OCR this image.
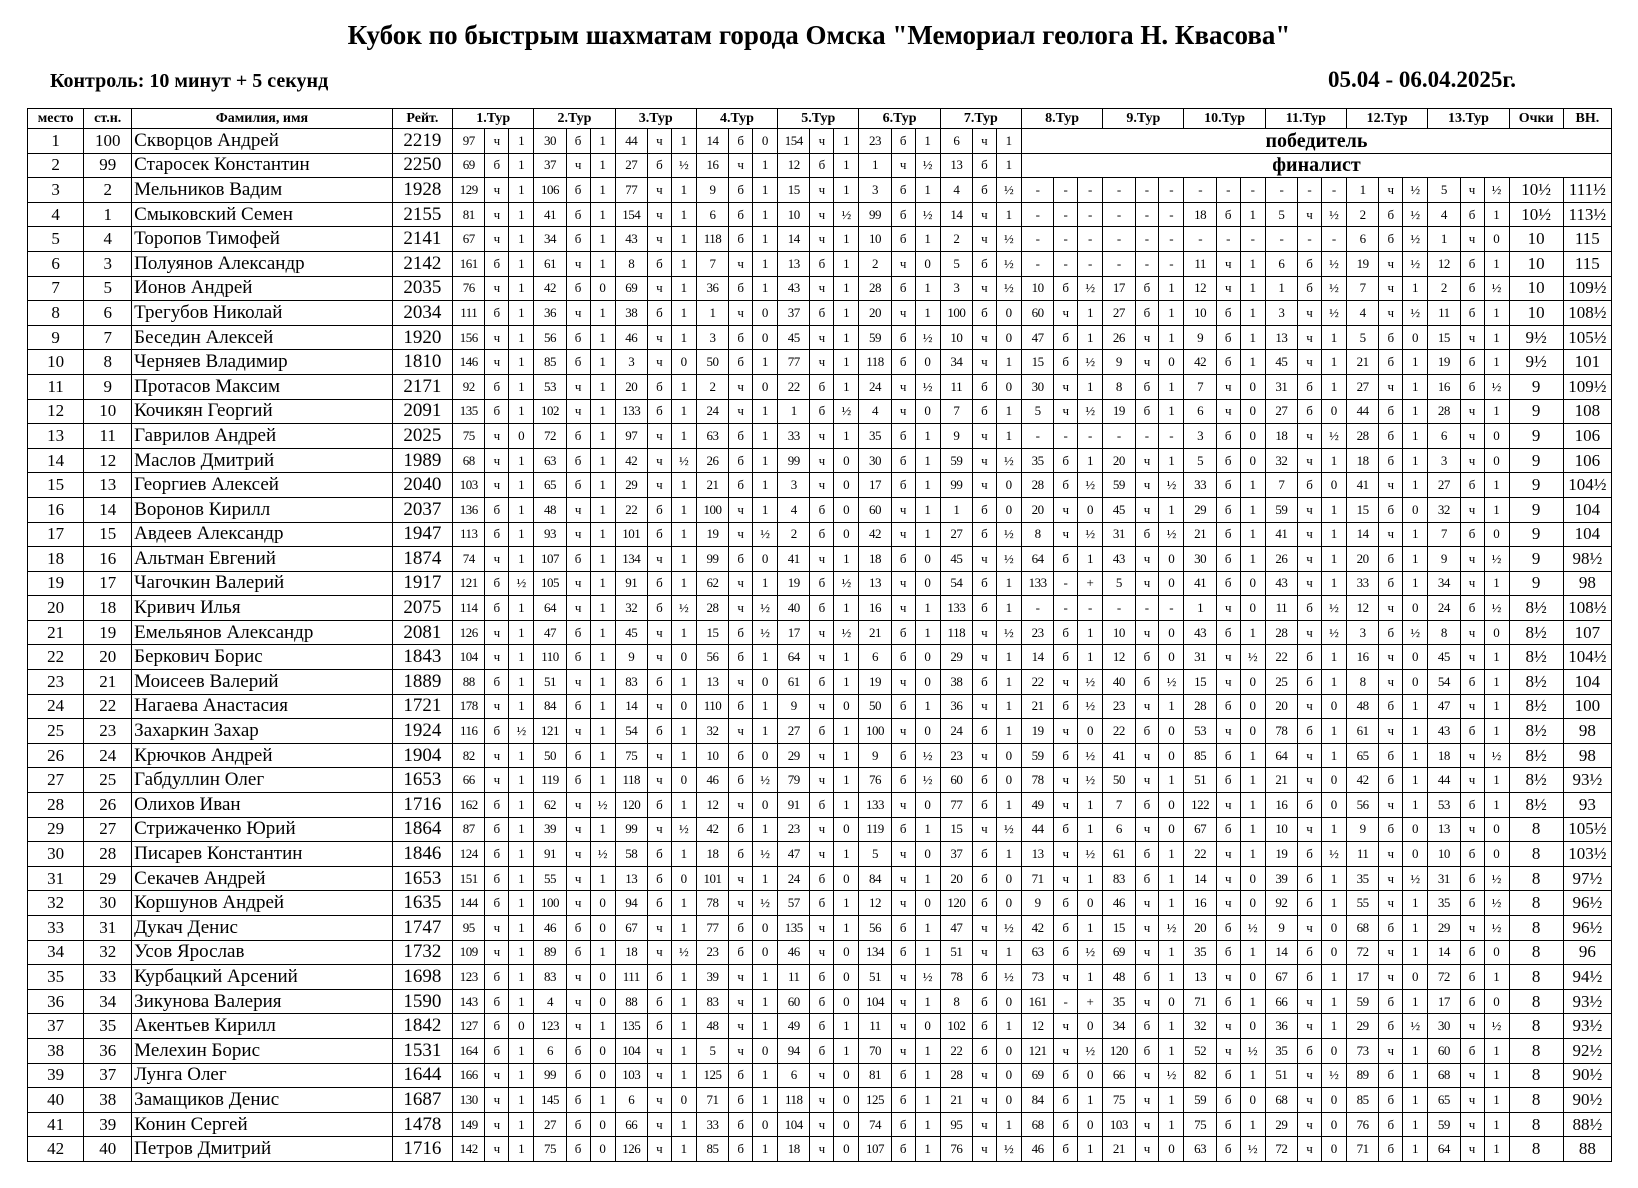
Кубок по быстрым шахматам города Омска "Мемориал геолога Н. Квасова"
Контроль: 10 минут + 5 секунд	05.04 - 06.04.2025г.
место	ст.н.	Фамилия, имя	Рейт.	1.Тур			2.Тур			3.Тур			4.Тур			5.Тур			6.Тур			7.Тур			8.Тур			9.Тур			10.Тур			11.Тур			12.Тур			13.Тур			Очки	ВН.
1	100	Скворцов Андрей	2219	97	ч	1	30	б	1	44	ч	1	14	б	0	154	ч	1	23	б	1	6	ч	1	победитель																			
2	99	Старосек Константин	2250	69	б	1	37	ч	1	27	б	½	16	ч	1	12	б	1	1	ч	½	13	б	1	финалист																			
3	2	Мельников Вадим	1928	129	ч	1	106	б	1	77	ч	1	9	б	1	15	ч	1	3	б	1	4	б	½	-	-	-	-	-	-	-	-	-	-	-	-	1	ч	½	5	ч	½	10½	111½
4	1	Смыковский Семен	2155	81	ч	1	41	б	1	154	ч	1	6	б	1	10	ч	½	99	б	½	14	ч	1	-	-	-	-	-	-	18	б	1	5	ч	½	2	б	½	4	б	1	10½	113½
5	4	Торопов Тимофей	2141	67	ч	1	34	б	1	43	ч	1	118	б	1	14	ч	1	10	б	1	2	ч	½	-	-	-	-	-	-	-	-	-	-	-	-	6	б	½	1	ч	0	10	115
6	3	Полуянов Александр	2142	161	б	1	61	ч	1	8	б	1	7	ч	1	13	б	1	2	ч	0	5	б	½	-	-	-	-	-	-	11	ч	1	6	б	½	19	ч	½	12	б	1	10	115
7	5	Ионов Андрей	2035	76	ч	1	42	б	0	69	ч	1	36	б	1	43	ч	1	28	б	1	3	ч	½	10	б	½	17	б	1	12	ч	1	1	б	½	7	ч	1	2	б	½	10	109½
8	6	Трегубов Николай	2034	111	б	1	36	ч	1	38	б	1	1	ч	0	37	б	1	20	ч	1	100	б	0	60	ч	1	27	б	1	10	б	1	3	ч	½	4	ч	½	11	б	1	10	108½
9	7	Беседин Алексей	1920	156	ч	1	56	б	1	46	ч	1	3	б	0	45	ч	1	59	б	½	10	ч	0	47	б	1	26	ч	1	9	б	1	13	ч	1	5	б	0	15	ч	1	9½	105½
10	8	Черняев Владимир	1810	146	ч	1	85	б	1	3	ч	0	50	б	1	77	ч	1	118	б	0	34	ч	1	15	б	½	9	ч	0	42	б	1	45	ч	1	21	б	1	19	б	1	9½	101
11	9	Протасов Максим	2171	92	б	1	53	ч	1	20	б	1	2	ч	0	22	б	1	24	ч	½	11	б	0	30	ч	1	8	б	1	7	ч	0	31	б	1	27	ч	1	16	б	½	9	109½
12	10	Кочикян Георгий	2091	135	б	1	102	ч	1	133	б	1	24	ч	1	1	б	½	4	ч	0	7	б	1	5	ч	½	19	б	1	6	ч	0	27	б	0	44	б	1	28	ч	1	9	108
13	11	Гаврилов Андрей	2025	75	ч	0	72	б	1	97	ч	1	63	б	1	33	ч	1	35	б	1	9	ч	1	-	-	-	-	-	-	3	б	0	18	ч	½	28	б	1	6	ч	0	9	106
14	12	Маслов Дмитрий	1989	68	ч	1	63	б	1	42	ч	½	26	б	1	99	ч	0	30	б	1	59	ч	½	35	б	1	20	ч	1	5	б	0	32	ч	1	18	б	1	3	ч	0	9	106
15	13	Георгиев Алексей	2040	103	ч	1	65	б	1	29	ч	1	21	б	1	3	ч	0	17	б	1	99	ч	0	28	б	½	59	ч	½	33	б	1	7	б	0	41	ч	1	27	б	1	9	104½
16	14	Воронов Кирилл	2037	136	б	1	48	ч	1	22	б	1	100	ч	1	4	б	0	60	ч	1	1	б	0	20	ч	0	45	ч	1	29	б	1	59	ч	1	15	б	0	32	ч	1	9	104
17	15	Авдеев Александр	1947	113	б	1	93	ч	1	101	б	1	19	ч	½	2	б	0	42	ч	1	27	б	½	8	ч	½	31	б	½	21	б	1	41	ч	1	14	ч	1	7	б	0	9	104
18	16	Альтман Евгений	1874	74	ч	1	107	б	1	134	ч	1	99	б	0	41	ч	1	18	б	0	45	ч	½	64	б	1	43	ч	0	30	б	1	26	ч	1	20	б	1	9	ч	½	9	98½
19	17	Чагочкин Валерий	1917	121	б	½	105	ч	1	91	б	1	62	ч	1	19	б	½	13	ч	0	54	б	1	133	-	+	5	ч	0	41	б	0	43	ч	1	33	б	1	34	ч	1	9	98
20	18	Кривич Илья	2075	114	б	1	64	ч	1	32	б	½	28	ч	½	40	б	1	16	ч	1	133	б	1	-	-	-	-	-	-	1	ч	0	11	б	½	12	ч	0	24	б	½	8½	108½
21	19	Емельянов Александр	2081	126	ч	1	47	б	1	45	ч	1	15	б	½	17	ч	½	21	б	1	118	ч	½	23	б	1	10	ч	0	43	б	1	28	ч	½	3	б	½	8	ч	0	8½	107
22	20	Беркович Борис	1843	104	ч	1	110	б	1	9	ч	0	56	б	1	64	ч	1	6	б	0	29	ч	1	14	б	1	12	б	0	31	ч	½	22	б	1	16	ч	0	45	ч	1	8½	104½
23	21	Моисеев Валерий	1889	88	б	1	51	ч	1	83	б	1	13	ч	0	61	б	1	19	ч	0	38	б	1	22	ч	½	40	б	½	15	ч	0	25	б	1	8	ч	0	54	б	1	8½	104
24	22	Нагаева Анастасия	1721	178	ч	1	84	б	1	14	ч	0	110	б	1	9	ч	0	50	б	1	36	ч	1	21	б	½	23	ч	1	28	б	0	20	ч	0	48	б	1	47	ч	1	8½	100
25	23	Захаркин Захар	1924	116	б	½	121	ч	1	54	б	1	32	ч	1	27	б	1	100	ч	0	24	б	1	19	ч	0	22	б	0	53	ч	0	78	б	1	61	ч	1	43	б	1	8½	98
26	24	Крючков Андрей	1904	82	ч	1	50	б	1	75	ч	1	10	б	0	29	ч	1	9	б	½	23	ч	0	59	б	½	41	ч	0	85	б	1	64	ч	1	65	б	1	18	ч	½	8½	98
27	25	Габдуллин Олег	1653	66	ч	1	119	б	1	118	ч	0	46	б	½	79	ч	1	76	б	½	60	б	0	78	ч	½	50	ч	1	51	б	1	21	ч	0	42	б	1	44	ч	1	8½	93½
28	26	Олихов Иван	1716	162	б	1	62	ч	½	120	б	1	12	ч	0	91	б	1	133	ч	0	77	б	1	49	ч	1	7	б	0	122	ч	1	16	б	0	56	ч	1	53	б	1	8½	93
29	27	Стрижаченко Юрий	1864	87	б	1	39	ч	1	99	ч	½	42	б	1	23	ч	0	119	б	1	15	ч	½	44	б	1	6	ч	0	67	б	1	10	ч	1	9	б	0	13	ч	0	8	105½
30	28	Писарев Константин	1846	124	б	1	91	ч	½	58	б	1	18	б	½	47	ч	1	5	ч	0	37	б	1	13	ч	½	61	б	1	22	ч	1	19	б	½	11	ч	0	10	б	0	8	103½
31	29	Секачев Андрей	1653	151	б	1	55	ч	1	13	б	0	101	ч	1	24	б	0	84	ч	1	20	б	0	71	ч	1	83	б	1	14	ч	0	39	б	1	35	ч	½	31	б	½	8	97½
32	30	Коршунов Андрей	1635	144	б	1	100	ч	0	94	б	1	78	ч	½	57	б	1	12	ч	0	120	б	0	9	б	0	46	ч	1	16	ч	0	92	б	1	55	ч	1	35	б	½	8	96½
33	31	Дукач Денис	1747	95	ч	1	46	б	0	67	ч	1	77	б	0	135	ч	1	56	б	1	47	ч	½	42	б	1	15	ч	½	20	б	½	9	ч	0	68	б	1	29	ч	½	8	96½
34	32	Усов Ярослав	1732	109	ч	1	89	б	1	18	ч	½	23	б	0	46	ч	0	134	б	1	51	ч	1	63	б	½	69	ч	1	35	б	1	14	б	0	72	ч	1	14	б	0	8	96
35	33	Курбацкий Арсений	1698	123	б	1	83	ч	0	111	б	1	39	ч	1	11	б	0	51	ч	½	78	б	½	73	ч	1	48	б	1	13	ч	0	67	б	1	17	ч	0	72	б	1	8	94½
36	34	Зикунова Валерия	1590	143	б	1	4	ч	0	88	б	1	83	ч	1	60	б	0	104	ч	1	8	б	0	161	-	+	35	ч	0	71	б	1	66	ч	1	59	б	1	17	б	0	8	93½
37	35	Акентьев Кирилл	1842	127	б	0	123	ч	1	135	б	1	48	ч	1	49	б	1	11	ч	0	102	б	1	12	ч	0	34	б	1	32	ч	0	36	ч	1	29	б	½	30	ч	½	8	93½
38	36	Мелехин Борис	1531	164	б	1	6	б	0	104	ч	1	5	ч	0	94	б	1	70	ч	1	22	б	0	121	ч	½	120	б	1	52	ч	½	35	б	0	73	ч	1	60	б	1	8	92½
39	37	Лунга Олег	1644	166	ч	1	99	б	0	103	ч	1	125	б	1	6	ч	0	81	б	1	28	ч	0	69	б	0	66	ч	½	82	б	1	51	ч	½	89	б	1	68	ч	1	8	90½
40	38	Замащиков Денис	1687	130	ч	1	145	б	1	6	ч	0	71	б	1	118	ч	0	125	б	1	21	ч	0	84	б	1	75	ч	1	59	б	0	68	ч	0	85	б	1	65	ч	1	8	90½
41	39	Конин Сергей	1478	149	ч	1	27	б	0	66	ч	1	33	б	0	104	ч	0	74	б	1	95	ч	1	68	б	0	103	ч	1	75	б	1	29	ч	0	76	б	1	59	ч	1	8	88½
42	40	Петров Дмитрий	1716	142	ч	1	75	б	0	126	ч	1	85	б	1	18	ч	0	107	б	1	76	ч	½	46	б	1	21	ч	0	63	б	½	72	ч	0	71	б	1	64	ч	1	8	88
